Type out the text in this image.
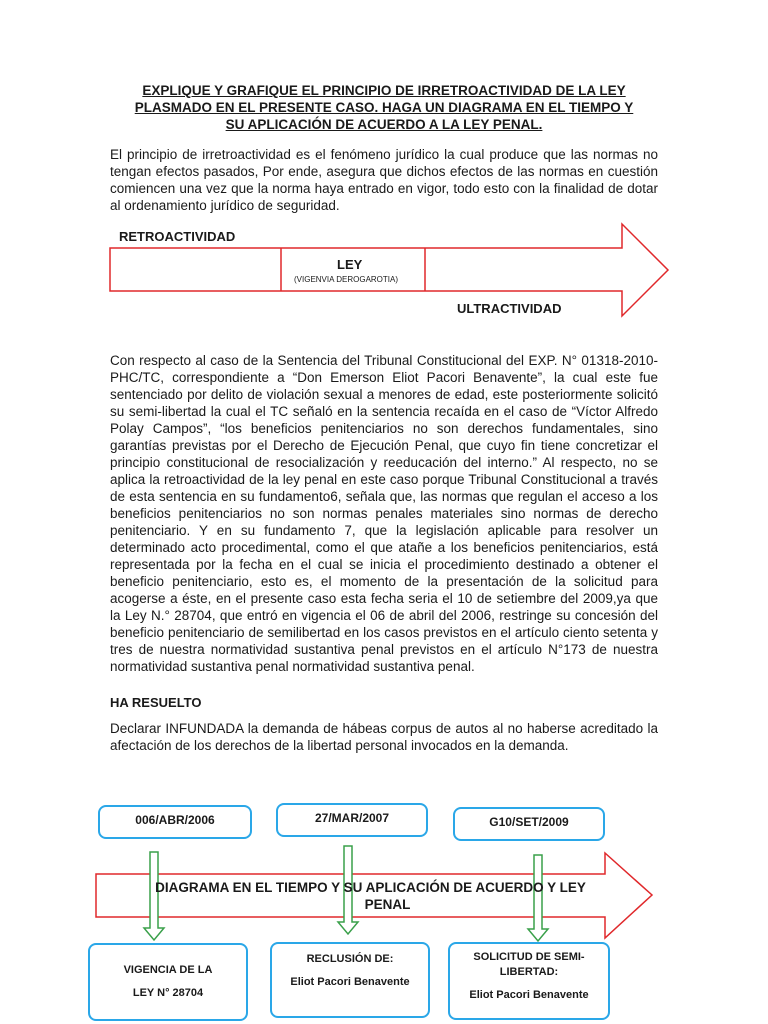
EXPLIQUE Y GRAFIQUE EL PRINCIPIO DE IRRETROACTIVIDAD DE LA LEY
PLASMADO EN EL PRESENTE CASO. HAGA UN DIAGRAMA EN EL TIEMPO Y
SU APLICACIÓN DE ACUERDO A LA LEY PENAL.
El principio de irretroactividad es el fenómeno jurídico la cual produce que las normas no tengan efectos pasados, Por ende, asegura que dichos efectos de las normas en cuestión comiencen una vez que la norma haya entrado en vigor, todo esto con la finalidad de dotar al ordenamiento jurídico de seguridad.
RETROACTIVIDAD
LEY
(VIGENVIA DEROGAROTIA)
ULTRACTIVIDAD
Con respecto al caso de la Sentencia del Tribunal Constitucional del EXP. N° 01318-2010- PHC/TC, correspondiente a “Don Emerson Eliot Pacori Benavente”, la cual este fue sentenciado por delito de violación sexual a menores de edad, este posteriormente solicitó su semi-libertad la cual el TC señaló en la sentencia recaída en el caso de “Víctor Alfredo Polay Campos”, “los beneficios penitenciarios no son derechos fundamentales, sino garantías previstas por el Derecho de Ejecución Penal, que cuyo fin tiene concretizar el principio constitucional de resocialización y reeducación del interno.” Al respecto, no se aplica la retroactividad de la ley penal en este caso porque Tribunal Constitucional a través de esta sentencia en su fundamento6, señala que, las normas que regulan el acceso a los beneficios penitenciarios no son normas penales materiales sino normas de derecho penitenciario. Y en su fundamento 7, que la legislación aplicable para resolver un determinado acto procedimental, como el que atañe a los beneficios penitenciarios, está representada por la fecha en el cual se inicia el procedimiento destinado a obtener el beneficio penitenciario, esto es, el momento de la presentación de la solicitud para acogerse a éste, en el presente caso esta fecha seria el 10 de setiembre del 2009,ya que la Ley N.° 28704, que entró en vigencia el 06 de abril del 2006, restringe su concesión del beneficio penitenciario de semilibertad en los casos previstos en el artículo ciento setenta y tres de nuestra normatividad sustantiva penal previstos en el artículo N°173 de nuestra normatividad sustantiva penal normatividad sustantiva penal.
HA RESUELTO
Declarar INFUNDADA la demanda de hábeas corpus de autos al no haberse acreditado la afectación de los derechos de la libertad personal invocados en la demanda.
006/ABR/2006	27/MAR/2007	G10/SET/2009
DIAGRAMA EN EL TIEMPO Y SU APLICACIÓN DE ACUERDO Y LEY
PENAL
VIGENCIA DE LA
LEY N° 28704
RECLUSIÓN DE:
Eliot Pacori Benavente
SOLICITUD DE SEMI-
LIBERTAD:
Eliot Pacori Benavente
